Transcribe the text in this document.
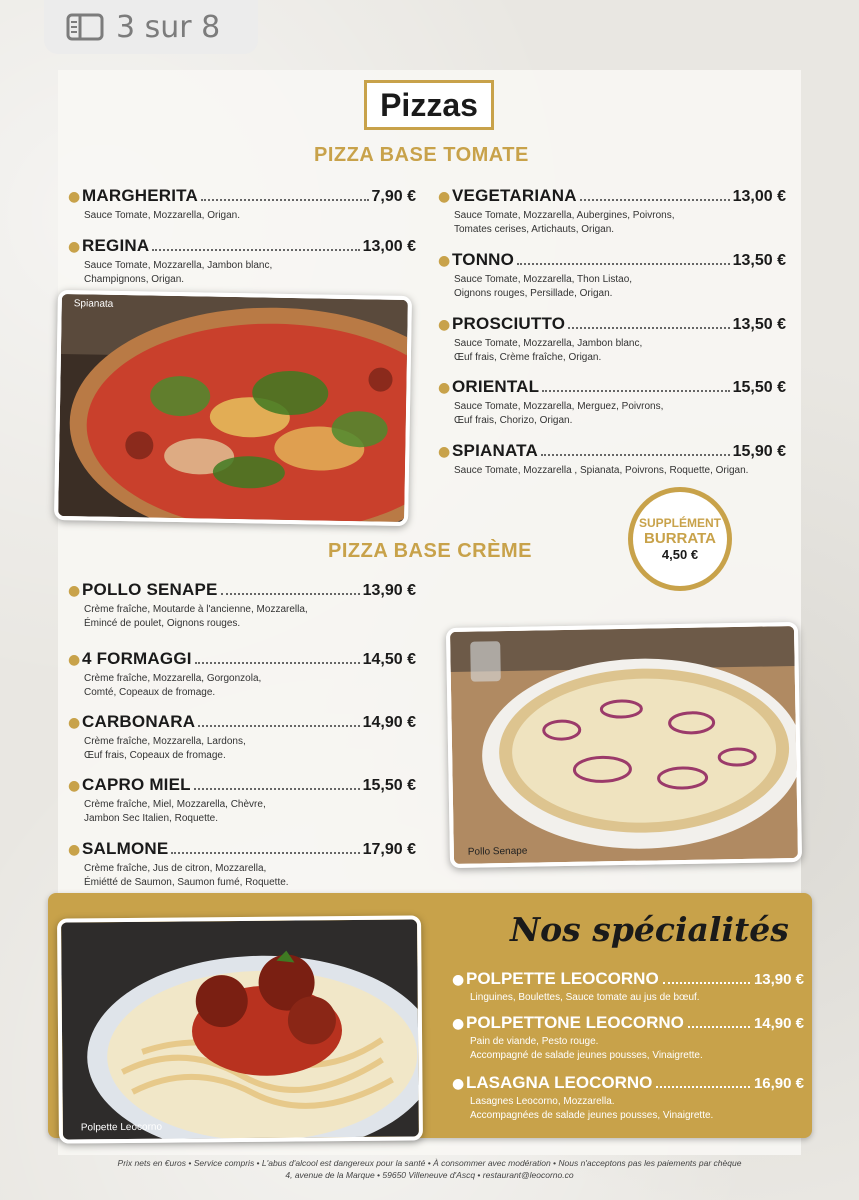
3 sur 8
Pizzas
PIZZA BASE TOMATE
● MARGHERITA	7,90 €
Sauce Tomate, Mozzarella, Origan.
● REGINA	13,00 €
Sauce Tomate, Mozzarella, Jambon blanc,
Champignons, Origan.
● VEGETARIANA	13,00 €
Sauce Tomate, Mozzarella, Aubergines, Poivrons,
Tomates cerises, Artichauts, Origan.
● TONNO	13,50 €
Sauce Tomate, Mozzarella, Thon Listao,
Oignons rouges, Persillade, Origan.
● PROSCIUTTO	13,50 €
Sauce Tomate, Mozzarella, Jambon blanc,
Œuf frais, Crème fraîche, Origan.
● ORIENTAL	15,50 €
Sauce Tomate, Mozzarella, Merguez, Poivrons,
Œuf frais, Chorizo, Origan.
● SPIANATA	15,90 €
Sauce Tomate, Mozzarella , Spianata, Poivrons, Roquette, Origan.
Spianata
PIZZA BASE CRÈME
SUPPLÉMENT
BURRATA
4,50 €
● POLLO SENAPE	13,90 €
Crème fraîche, Moutarde à l'ancienne, Mozzarella,
Émincé de poulet, Oignons rouges.
● 4 FORMAGGI	14,50 €
Crème fraîche, Mozzarella, Gorgonzola,
Comté, Copeaux de fromage.
● CARBONARA	14,90 €
Crème fraîche, Mozzarella, Lardons,
Œuf frais, Copeaux de fromage.
● CAPRO MIEL	15,50 €
Crème fraîche, Miel, Mozzarella, Chèvre,
Jambon Sec Italien, Roquette.
● SALMONE	17,90 €
Crème fraîche, Jus de citron, Mozzarella,
Émiétté de Saumon, Saumon fumé, Roquette.
Pollo Senape
Polpette Leocorno
Nos spécialités
● POLPETTE LEOCORNO	13,90 €
Linguines, Boulettes, Sauce tomate au jus de bœuf.
● POLPETTONE LEOCORNO	14,90 €
Pain de viande, Pesto rouge.
Accompagné de salade jeunes pousses, Vinaigrette.
● LASAGNA LEOCORNO	16,90 €
Lasagnes Leocorno, Mozzarella.
Accompagnées de salade jeunes pousses, Vinaigrette.
Prix nets en €uros • Service compris • L'abus d'alcool est dangereux pour la santé • À consommer avec modération • Nous n'acceptons pas les paiements par chèque
4, avenue de la Marque • 59650 Villeneuve d'Ascq • restaurant@leocorno.co
